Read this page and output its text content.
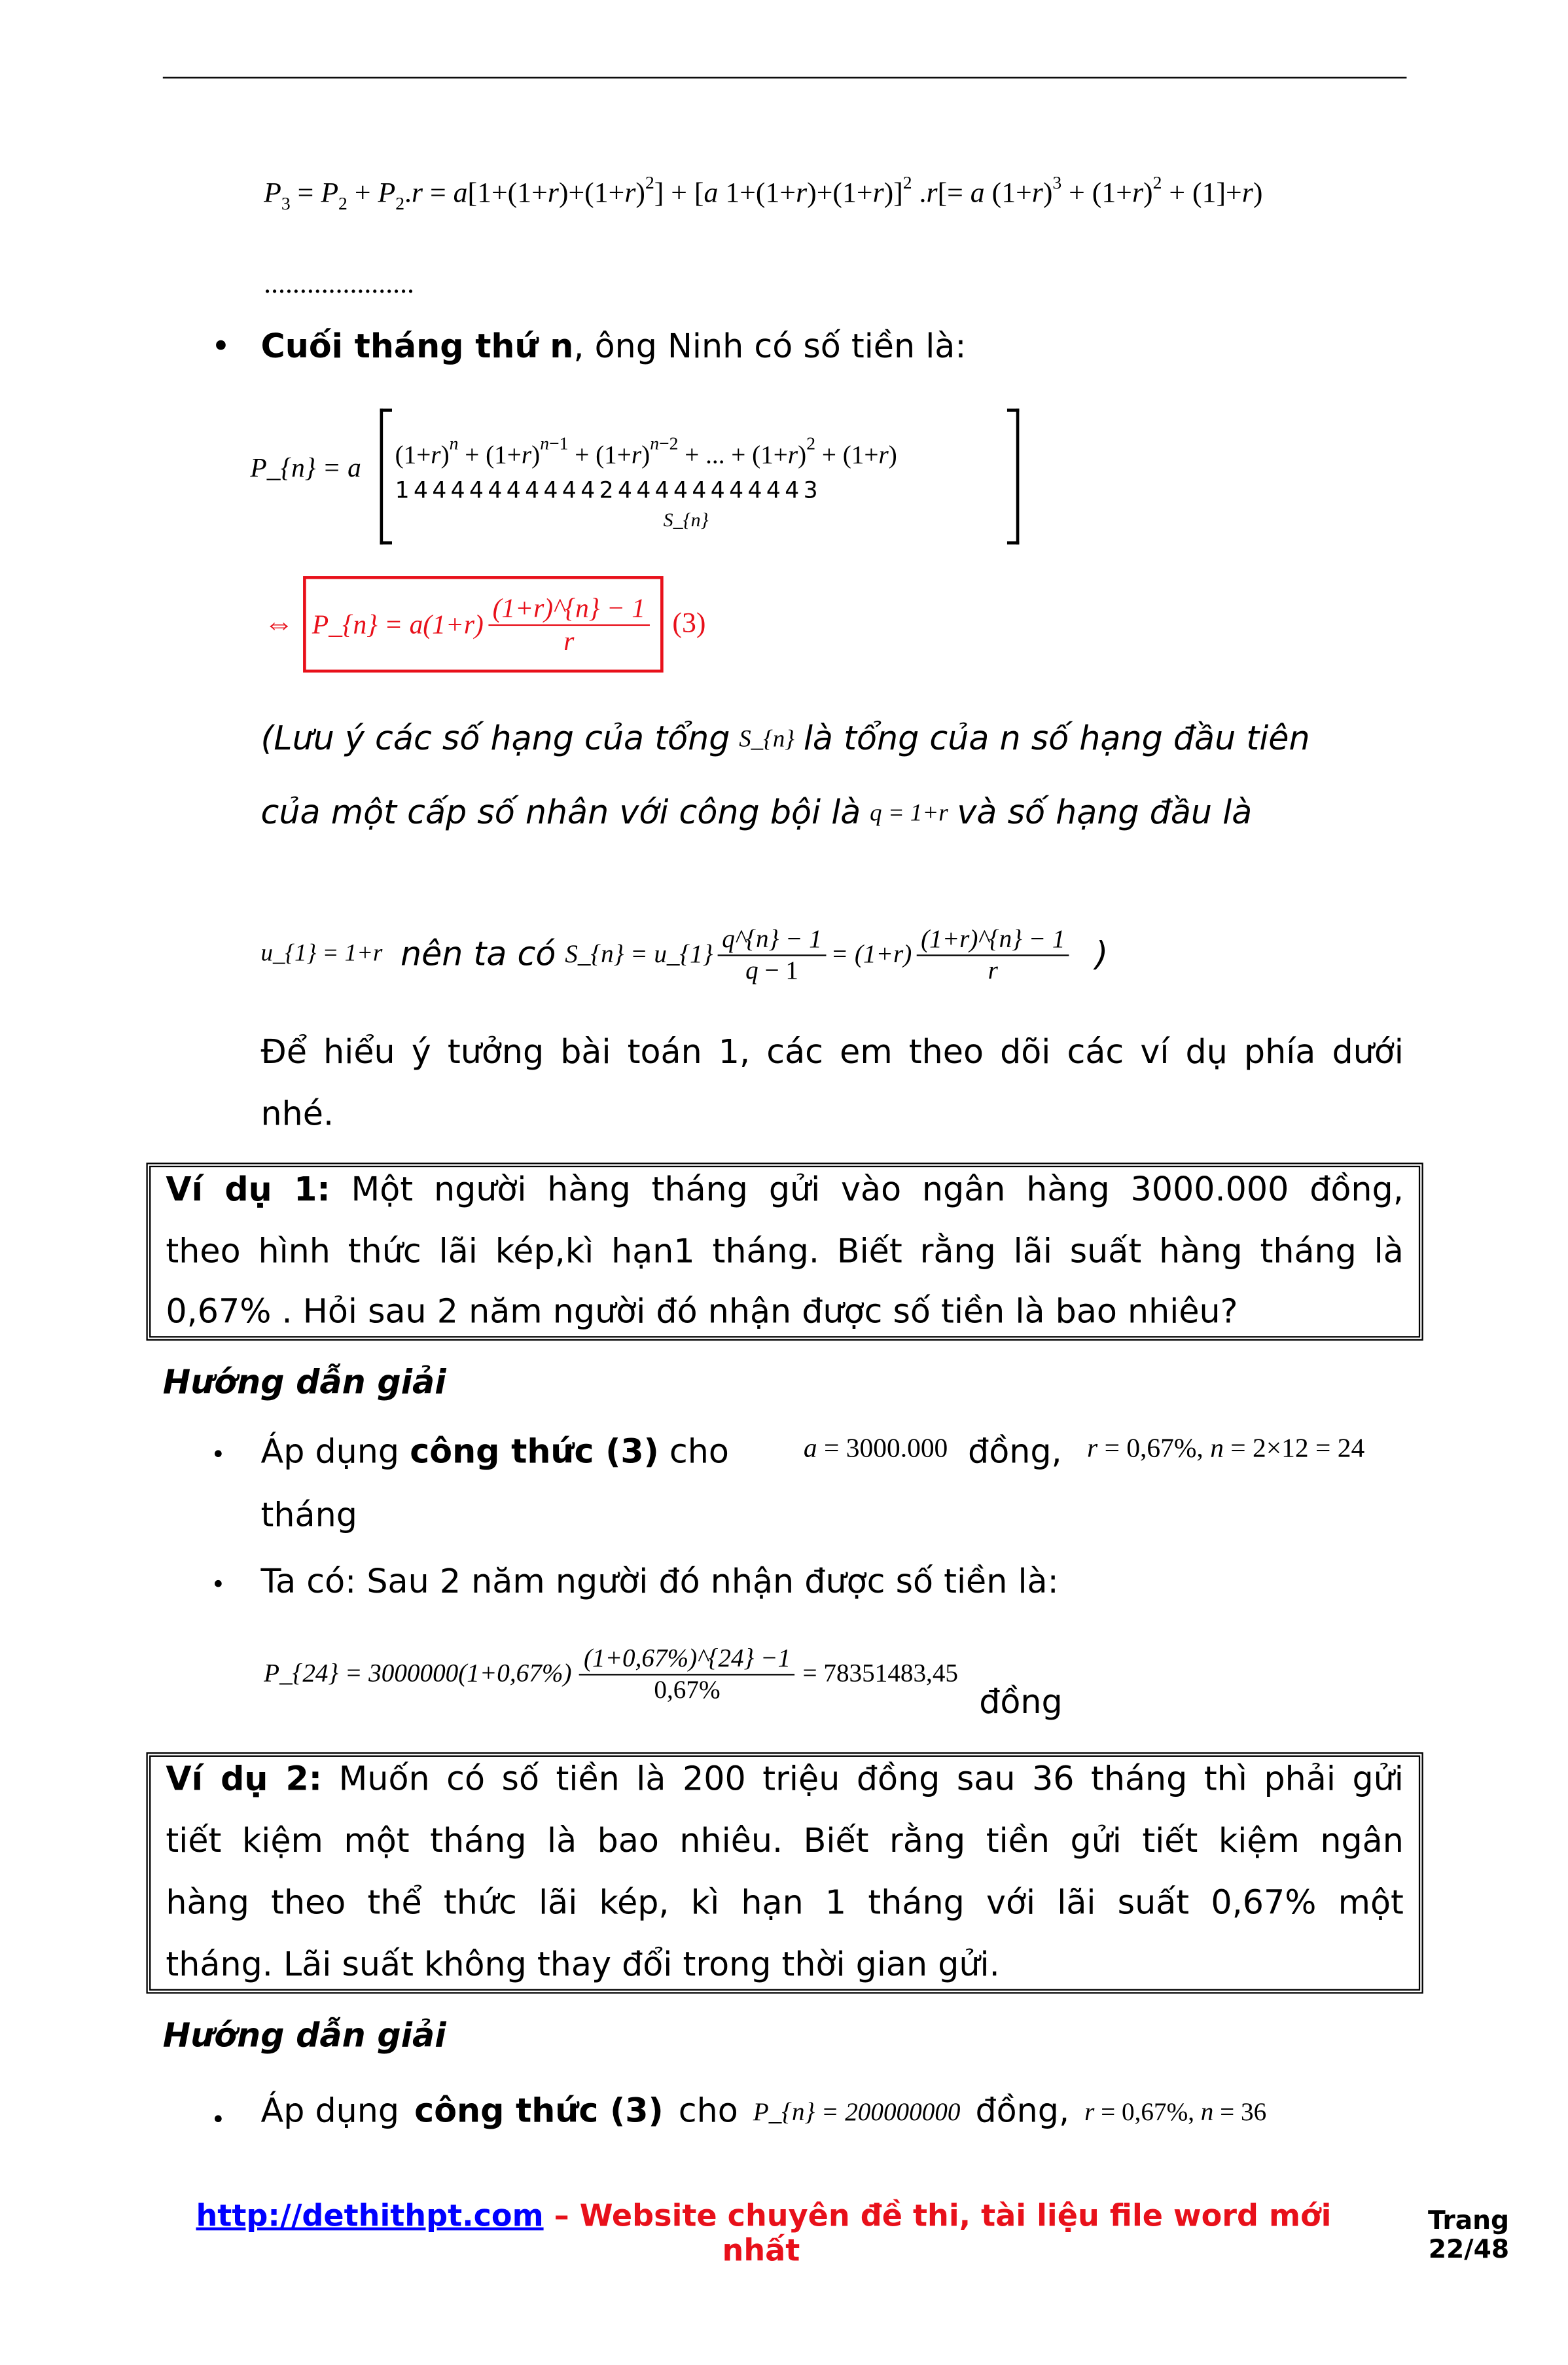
$P_3 = P_2 + P_2.r = a[1+(1+r)+(1+r)^2] + [a$ 1+(1+r)+(1+r)]$^2$ .r[= a $(1+r)^3 + (1+r)^2 + (1]+r$)
.....................
• Cuối tháng thứ n, ông Ninh có số tiền là:
P_{n} = a	$(1+r)^n + (1+r)^{n-1} + (1+r)^{n-2}$ + ... + $(1+r)^2 + (1+r)$
1 4 4 4 4 4 4 4 4 4 4 2 4 4 4 4 4 4 4 4 4 4 3
S_{n}
⇔ P_{n} = $a(1+r) \frac{(1+r)\^{}\{n\} - 1}{r} (3)$
(Lưu ý các số hạng của tổng S_{n} là tổng của n số hạng đầu tiên
của một cấp số nhân với công bội là q = 1+r và số hạng đầu là
u_{1} = 1+r nên ta có S_{n} = u_{1} $\frac{q\^{}\{n\} - 1}{q - 1} = (1+r) \frac{(1+r)\^{}\{n\} - 1}{r}$ )
Để hiểu ý tưởng bài toán 1, các em theo dõi các ví dụ phía dưới
nhé.
Ví dụ 1: Một người hàng tháng gửi vào ngân hàng 3000.000 đồng,
theo hình thức lãi kép,kì hạn1 tháng. Biết rằng lãi suất hàng tháng là
0,67% . Hỏi sau 2 năm người đó nhận được số tiền là bao nhiêu?
Hướng dẫn giải
• Áp dụng công thức (3) cho	a = 3000.000 đồng, r = 0,67%, n = 2×12 = 24
tháng
• Ta có: Sau 2 năm người đó nhận được số tiền là:
P_{24} = $3000000(1+0,67\%) \frac{(1+0,67\%)\^{}\{24\} -1}{0,67\%} = 78351483,45$
đồng
Ví dụ 2: Muốn có số tiền là 200 triệu đồng sau 36 tháng thì phải gửi
tiết kiệm một tháng là bao nhiêu. Biết rằng tiền gửi tiết kiệm ngân
hàng theo thể thức lãi kép, kì hạn 1 tháng với lãi suất 0,67% một
tháng. Lãi suất không thay đổi trong thời gian gửi.
Hướng dẫn giải
• Áp dụng công thức (3) cho P_{n} = 200000000 đồng, r = 0,67%, n = 36
http://dethithpt.com – Website chuyên đề thi, tài liệu file word mới
nhất
Trang
22/48
